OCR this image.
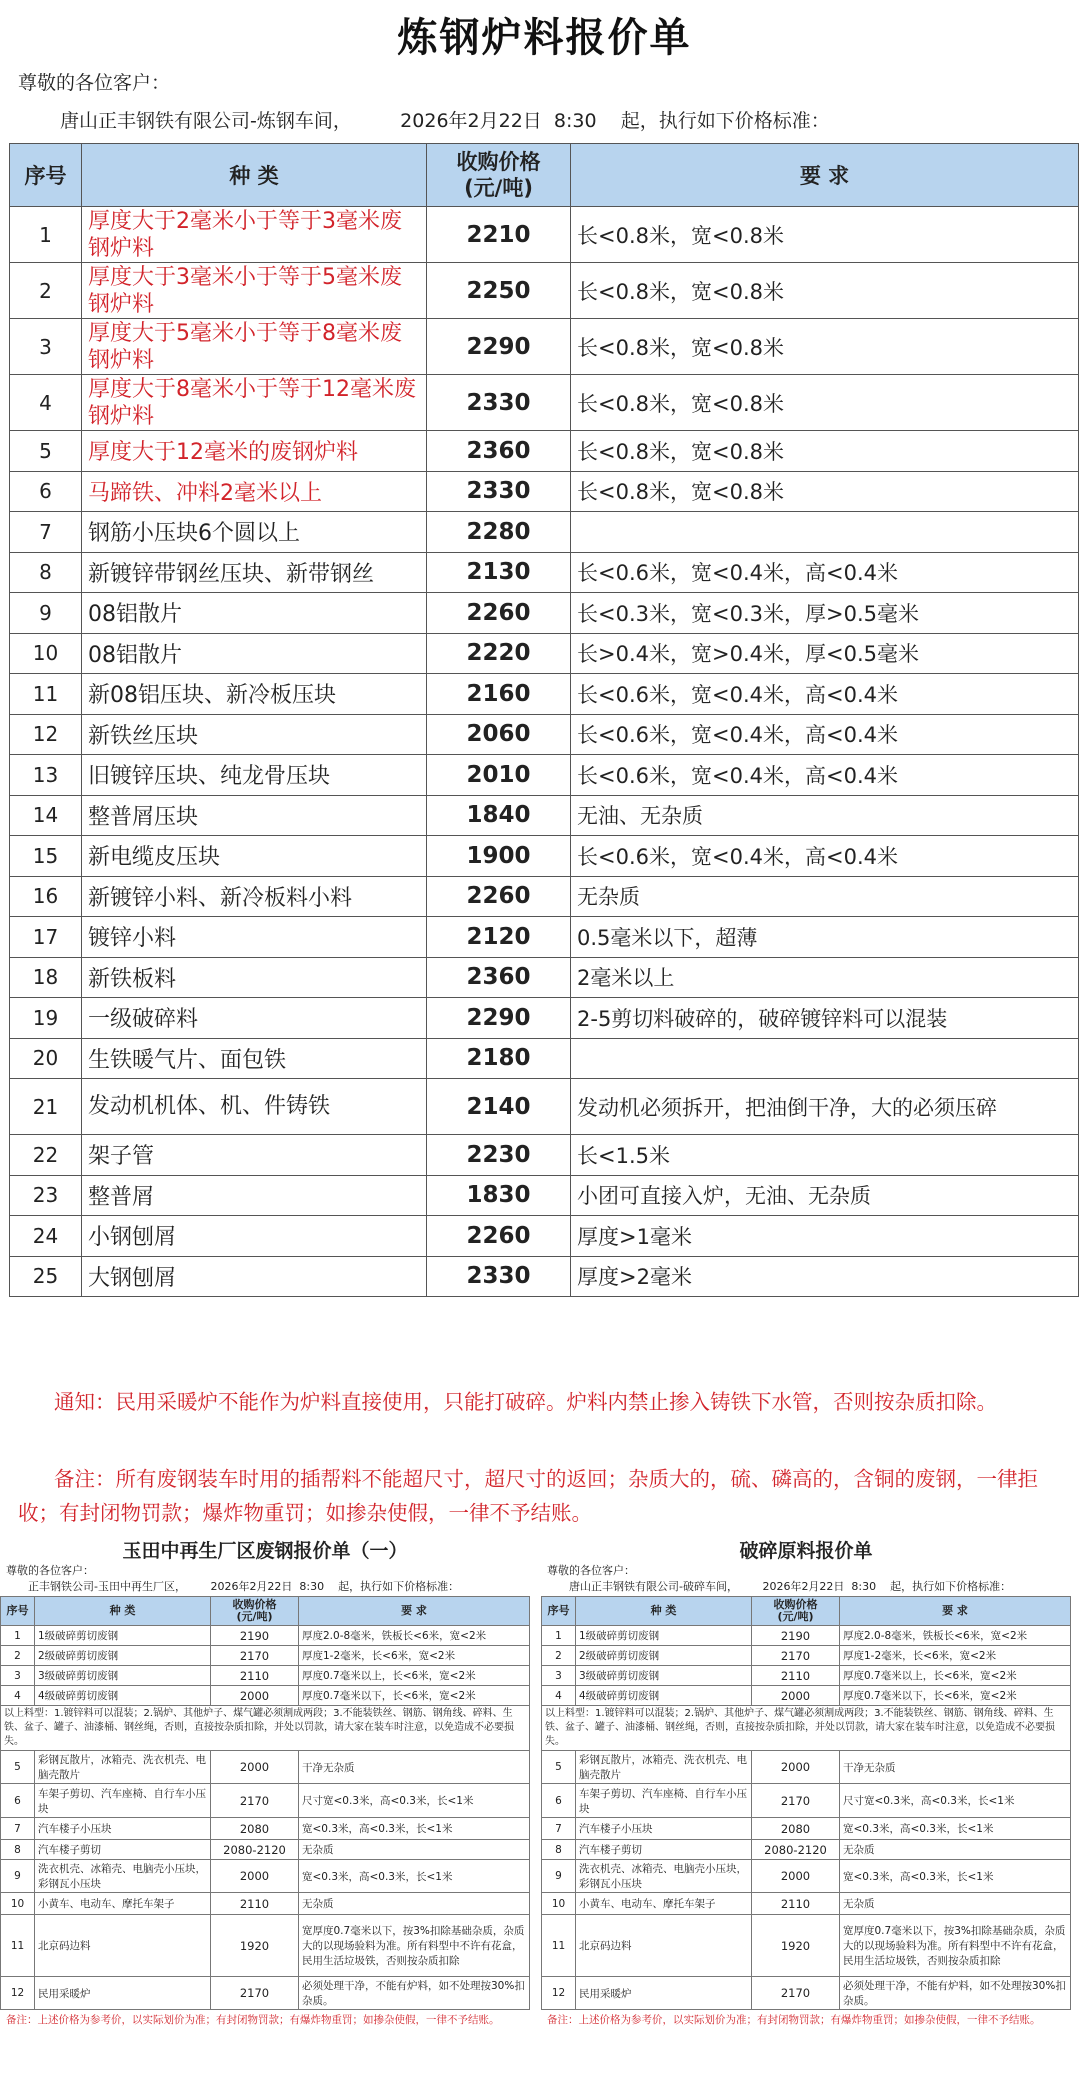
炼钢炉料报价单
尊敬的各位客户：
唐山正丰钢铁有限公司-炼钢车间，        2026年2月22日  8:30    起，执行如下价格标准：
序号	种 类	收购价格
(元/吨)	要 求
1	厚度大于2毫米小于等于3毫米废钢炉料	2210	长<0.8米，宽<0.8米
2	厚度大于3毫米小于等于5毫米废钢炉料	2250	长<0.8米，宽<0.8米
3	厚度大于5毫米小于等于8毫米废钢炉料	2290	长<0.8米，宽<0.8米
4	厚度大于8毫米小于等于12毫米废钢炉料	2330	长<0.8米，宽<0.8米
5	厚度大于12毫米的废钢炉料	2360	长<0.8米，宽<0.8米
6	马蹄铁、冲料2毫米以上	2330	长<0.8米，宽<0.8米
7	钢筋小压块6个圆以上	2280	
8	新镀锌带钢丝压块、新带钢丝	2130	长<0.6米，宽<0.4米，高<0.4米
9	08铝散片	2260	长<0.3米，宽<0.3米，厚>0.5毫米
10	08铝散片	2220	长>0.4米，宽>0.4米，厚<0.5毫米
11	新08铝压块、新冷板压块	2160	长<0.6米，宽<0.4米，高<0.4米
12	新铁丝压块	2060	长<0.6米，宽<0.4米，高<0.4米
13	旧镀锌压块、纯龙骨压块	2010	长<0.6米，宽<0.4米，高<0.4米
14	整普屑压块	1840	无油、无杂质
15	新电缆皮压块	1900	长<0.6米，宽<0.4米，高<0.4米
16	新镀锌小料、新冷板料小料	2260	无杂质
17	镀锌小料	2120	0.5毫米以下，超薄
18	新铁板料	2360	2毫米以上
19	一级破碎料	2290	2-5剪切料破碎的，破碎镀锌料可以混装
20	生铁暖气片、面包铁	2180	
21	发动机机体、机、件铸铁	2140	发动机必须拆开，把油倒干净，大的必须压碎
22	架子管	2230	长<1.5米
23	整普屑	1830	小团可直接入炉，无油、无杂质
24	小钢刨屑	2260	厚度>1毫米
25	大钢刨屑	2330	厚度>2毫米
通知：民用采暖炉不能作为炉料直接使用，只能打破碎。炉料内禁止掺入铸铁下水管，否则按杂质扣除。
备注：所有废钢装车时用的插帮料不能超尺寸，超尺寸的返回；杂质大的，硫、磷高的，含铜的废钢，一律拒收；有封闭物罚款；爆炸物重罚；如掺杂使假，一律不予结账。
玉田中再生厂区废钢报价单（一）
尊敬的各位客户：
正丰钢铁公司-玉田中再生厂区，       2026年2月22日  8:30    起，执行如下价格标准：
序号	种 类	收购价格
(元/吨)	要 求
1	1级破碎剪切废钢	2190	厚度2.0-8毫米，铁板长<6米，宽<2米
2	2级破碎剪切废钢	2170	厚度1-2毫米，长<6米，宽<2米
3	3级破碎剪切废钢	2110	厚度0.7毫米以上，长<6米，宽<2米
4	4级破碎剪切废钢	2000	厚度0.7毫米以下，长<6米，宽<2米
以上料型：1.镀锌料可以混装；2.锅炉、其他炉子、煤气罐必须割成两段；3.不能装铁丝、钢筋、钢角线、碎料、生铁、盆子、罐子、油漆桶、钢丝绳，否则，直接按杂质扣除，并处以罚款，请大家在装车时注意，以免造成不必要损失。			
5	彩钢瓦散片，冰箱壳、洗衣机壳、电脑壳散片	2000	干净无杂质
6	车架子剪切、汽车座椅、自行车小压块	2170	尺寸宽<0.3米，高<0.3米，长<1米
7	汽车楼子小压块	2080	宽<0.3米，高<0.3米，长<1米
8	汽车楼子剪切	2080-2120	无杂质
9	洗衣机壳、冰箱壳、电脑壳小压块，彩钢瓦小压块	2000	宽<0.3米，高<0.3米，长<1米
10	小黄车、电动车、摩托车架子	2110	无杂质
11	北京码边料	1920	宽厚度0.7毫米以下，按3%扣除基础杂质，杂质大的以现场验料为准。所有料型中不许有花盒，民用生活垃圾铁，否则按杂质扣除
12	民用采暖炉	2170	必须处理干净，不能有炉料，如不处理按30%扣杂质。
备注：上述价格为参考价，以实际划价为准；有封闭物罚款；有爆炸物重罚；如掺杂使假，一律不予结账。
破碎原料报价单
尊敬的各位客户：
唐山正丰钢铁有限公司-破碎车间，       2026年2月22日  8:30    起，执行如下价格标准：
序号	种 类	收购价格
(元/吨)	要 求
1	1级破碎剪切废钢	2190	厚度2.0-8毫米，铁板长<6米，宽<2米
2	2级破碎剪切废钢	2170	厚度1-2毫米，长<6米，宽<2米
3	3级破碎剪切废钢	2110	厚度0.7毫米以上，长<6米，宽<2米
4	4级破碎剪切废钢	2000	厚度0.7毫米以下，长<6米，宽<2米
以上料型：1.镀锌料可以混装；2.锅炉、其他炉子、煤气罐必须割成两段；3.不能装铁丝、钢筋、钢角线、碎料、生铁、盆子、罐子、油漆桶、钢丝绳，否则，直接按杂质扣除，并处以罚款，请大家在装车时注意，以免造成不必要损失。			
5	彩钢瓦散片，冰箱壳、洗衣机壳、电脑壳散片	2000	干净无杂质
6	车架子剪切、汽车座椅、自行车小压块	2170	尺寸宽<0.3米，高<0.3米，长<1米
7	汽车楼子小压块	2080	宽<0.3米，高<0.3米，长<1米
8	汽车楼子剪切	2080-2120	无杂质
9	洗衣机壳、冰箱壳、电脑壳小压块，彩钢瓦小压块	2000	宽<0.3米，高<0.3米，长<1米
10	小黄车、电动车、摩托车架子	2110	无杂质
11	北京码边料	1920	宽厚度0.7毫米以下，按3%扣除基础杂质，杂质大的以现场验料为准。所有料型中不许有花盒，民用生活垃圾铁，否则按杂质扣除
12	民用采暖炉	2170	必须处理干净，不能有炉料，如不处理按30%扣杂质。
备注：上述价格为参考价，以实际划价为准；有封闭物罚款；有爆炸物重罚；如掺杂使假，一律不予结账。
